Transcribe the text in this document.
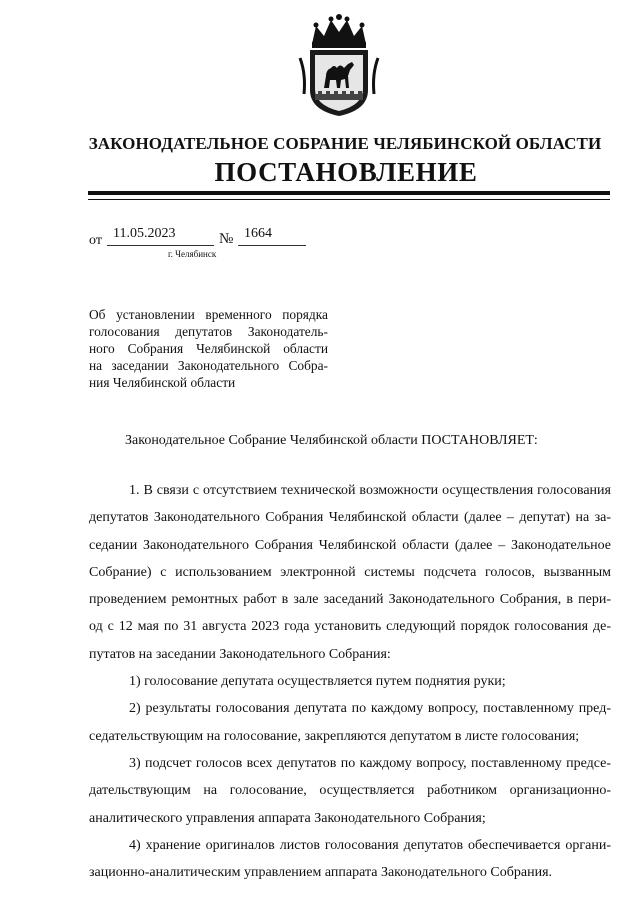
ЗАКОНОДАТЕЛЬНОЕ СОБРАНИЕ ЧЕЛЯБИНСКОЙ ОБЛАСТИ
ПОСТАНОВЛЕНИЕ
от 11.05.2023	№ 1664
г. Челябинск
Об установлении временного порядка
голосования депутатов Законодатель-
ного Собрания Челябинской области
на заседании Законодательного Собра-
ния Челябинской области
Законодательное Собрание Челябинской области ПОСТАНОВЛЯЕТ:
1. В связи с отсутствием технической возможности осуществления голосования
депутатов Законодательного Собрания Челябинской области (далее – депутат) на за-
седании Законодательного Собрания Челябинской области (далее – Законодательное
Собрание) с использованием электронной системы подсчета голосов, вызванным
проведением ремонтных работ в зале заседаний Законодательного Собрания, в пери-
од с 12 мая по 31 августа 2023 года установить следующий порядок голосования де-
путатов на заседании Законодательного Собрания:
1) голосование депутата осуществляется путем поднятия руки;
2) результаты голосования депутата по каждому вопросу, поставленному пред-
седательствующим на голосование, закрепляются депутатом в листе голосования;
3) подсчет голосов всех депутатов по каждому вопросу, поставленному предсе-
дательствующим на голосование, осуществляется работником организационно-
аналитического управления аппарата Законодательного Собрания;
4) хранение оригиналов листов голосования депутатов обеспечивается органи-
зационно-аналитическим управлением аппарата Законодательного Собрания.
